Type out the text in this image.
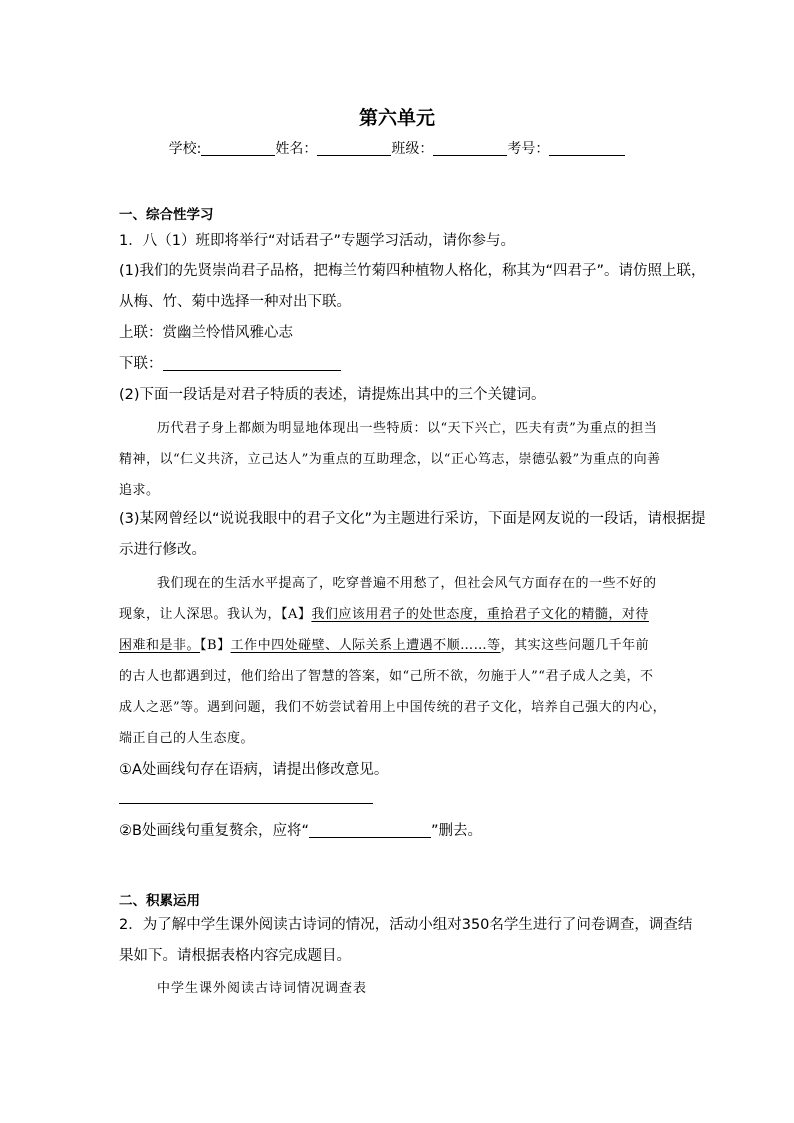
第六单元
学校:	姓名：	班级：	考号：
一、综合性学习
1．八（1）班即将举行“对话君子”专题学习活动，请你参与。
(1)我们的先贤崇尚君子品格，把梅兰竹菊四种植物人格化，称其为“四君子”。请仿照上联，
从梅、竹、菊中选择一种对出下联。
上联：赏幽兰怜惜风雅心志
下联：
(2)下面一段话是对君子特质的表述，请提炼出其中的三个关键词。
历代君子身上都颇为明显地体现出一些特质：以“天下兴亡，匹夫有责”为重点的担当
精神，以“仁义共济，立己达人”为重点的互助理念，以“正心笃志，崇德弘毅”为重点的向善
追求。
(3)某网曾经以“说说我眼中的君子文化”为主题进行采访，下面是网友说的一段话，请根据提
示进行修改。
我们现在的生活水平提高了，吃穿普遍不用愁了，但社会风气方面存在的一些不好的
现象，让人深思。我认为，【A】我们应该用君子的处世态度，重拾君子文化的精髓，对待
困难和是非。【B】工作中四处碰壁、人际关系上遭遇不顺……等，其实这些问题几千年前
的古人也都遇到过，他们给出了智慧的答案，如“己所不欲，勿施于人”“君子成人之美，不
成人之恶”等。遇到问题，我们不妨尝试着用上中国传统的君子文化，培养自己强大的内心，
端正自己的人生态度。
①A处画线句存在语病，请提出修改意见。
②B处画线句重复赘余，应将“	”删去。
二、积累运用
2．为了解中学生课外阅读古诗词的情况，活动小组对350名学生进行了问卷调查，调查结
果如下。请根据表格内容完成题目。
中学生课外阅读古诗词情况调查表
